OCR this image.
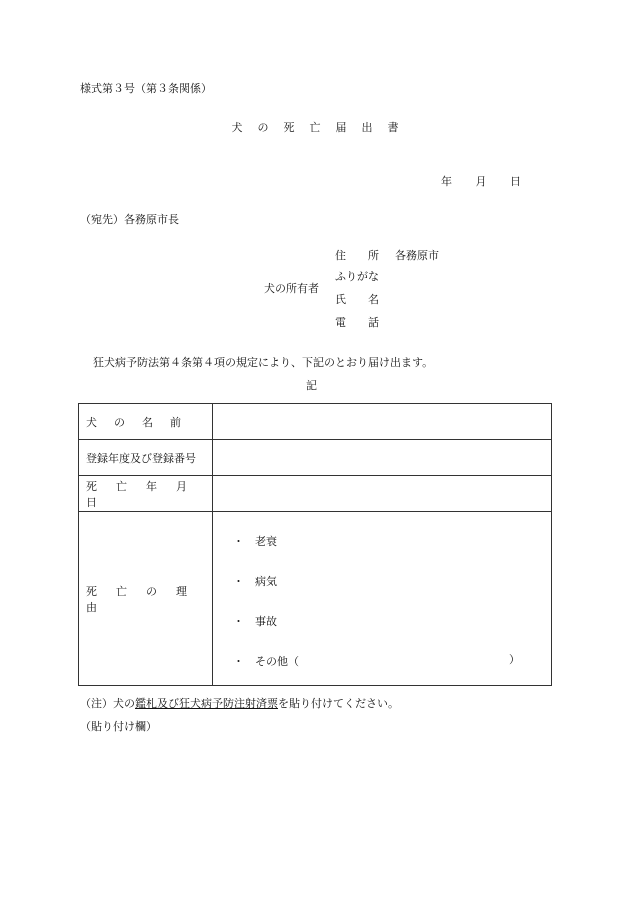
様式第３号（第３条関係）
犬の死亡届出書
年 月 日
（宛先）各務原市長
犬の所有者
住所各務原市
ふりがな
氏名
電話
狂犬病予防法第４条第４項の規定により、下記のとおり届け出ます。
記
犬の名前	
登録年度及び登録番号	
死亡年月日	
死亡の理由	・ 老衰
・ 病気
・ 事故
・ その他（ ）
（注）犬の鑑札及び狂犬病予防注射済票を貼り付けてください。
（貼り付け欄）
